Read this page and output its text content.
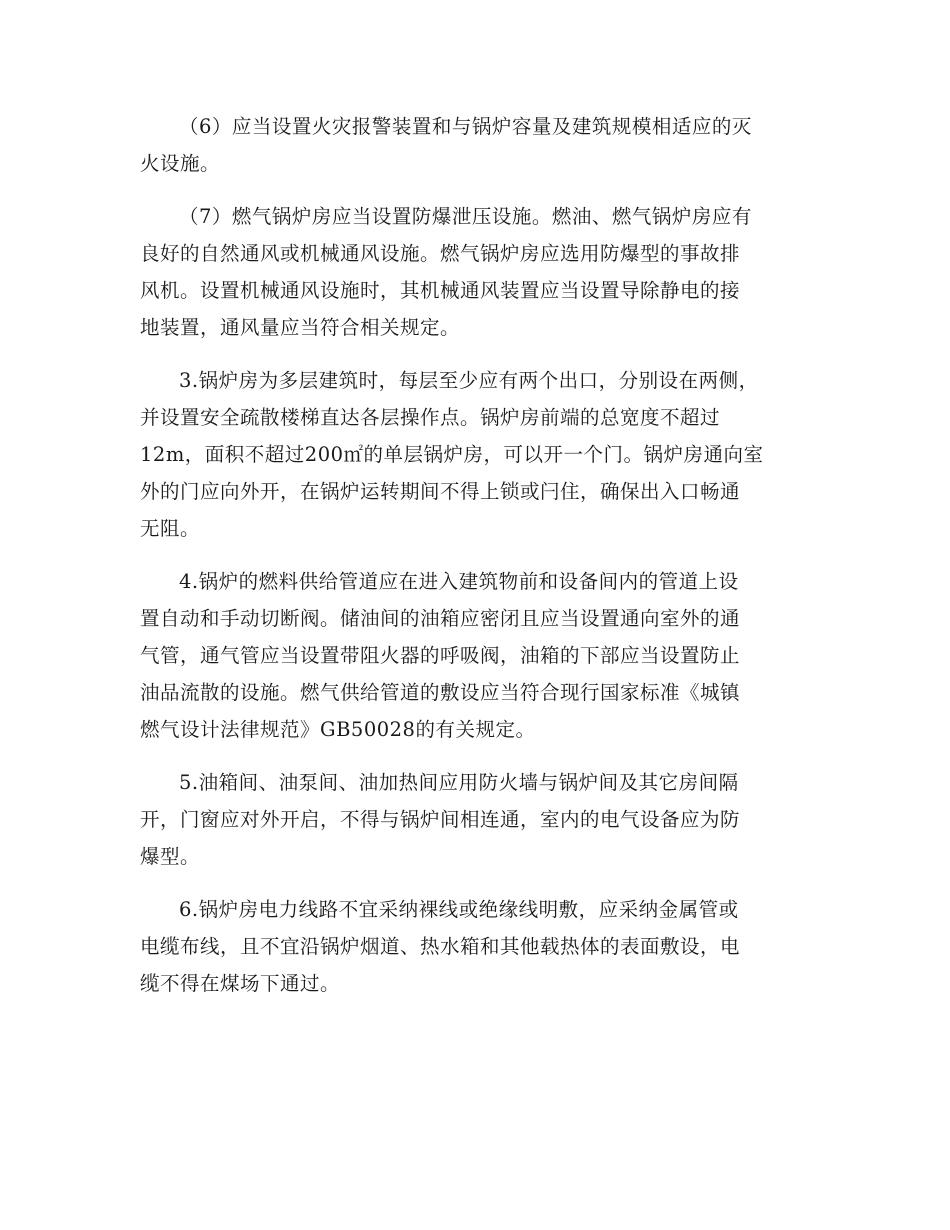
（6）应当设置火灾报警装置和与锅炉容量及建筑规模相适应的灭
火设施。

（7）燃气锅炉房应当设置防爆泄压设施。燃油、燃气锅炉房应有
良好的自然通风或机械通风设施。燃气锅炉房应选用防爆型的事故排
风机。设置机械通风设施时，其机械通风装置应当设置导除静电的接
地装置，通风量应当符合相关规定。

3.锅炉房为多层建筑时，每层至少应有两个出口，分别设在两侧，
并设置安全疏散楼梯直达各层操作点。锅炉房前端的总宽度不超过
12m，面积不超过200㎡的单层锅炉房，可以开一个门。锅炉房通向室
外的门应向外开，在锅炉运转期间不得上锁或闩住，确保出入口畅通
无阻。

4.锅炉的燃料供给管道应在进入建筑物前和设备间内的管道上设
置自动和手动切断阀。储油间的油箱应密闭且应当设置通向室外的通
气管，通气管应当设置带阻火器的呼吸阀，油箱的下部应当设置防止
油品流散的设施。燃气供给管道的敷设应当符合现行国家标准《城镇
燃气设计法律规范》GB50028的有关规定。

5.油箱间、油泵间、油加热间应用防火墙与锅炉间及其它房间隔
开，门窗应对外开启，不得与锅炉间相连通，室内的电气设备应为防
爆型。

6.锅炉房电力线路不宜采纳裸线或绝缘线明敷，应采纳金属管或
电缆布线，且不宜沿锅炉烟道、热水箱和其他载热体的表面敷设，电
缆不得在煤场下通过。
